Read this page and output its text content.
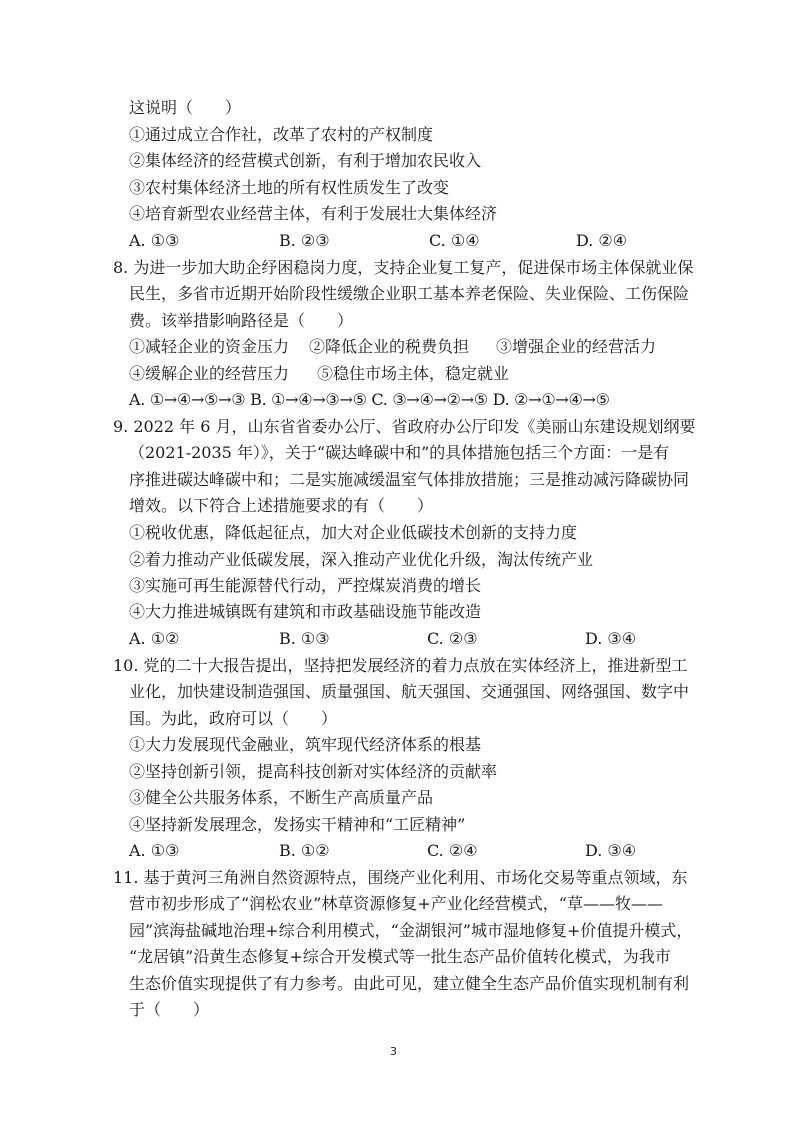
这说明（　　）
①通过成立合作社，改革了农村的产权制度
②集体经济的经营模式创新，有利于增加农民收入
③农村集体经济土地的所有权性质发生了改变
④培育新型农业经营主体，有利于发展壮大集体经济
A. ①③	B. ②③	C. ①④	D. ②④
8. 为进一步加大助企纾困稳岗力度，支持企业复工复产，促进保市场主体保就业保
民生，多省市近期开始阶段性缓缴企业职工基本养老保险、失业保险、工伤保险
费。该举措影响路径是（　　）
①减轻企业的资金压力 ②降低企业的税费负担 ③增强企业的经营活力
④缓解企业的经营压力 ⑤稳住市场主体，稳定就业
A. ①→④→⑤→③ B. ①→④→③→⑤ C. ③→④→②→⑤ D. ②→①→④→⑤
9. 2022 年 6 月，山东省省委办公厅、省政府办公厅印发《美丽山东建设规划纲要
（2021-2035 年）》，关于“碳达峰碳中和”的具体措施包括三个方面：一是有
序推进碳达峰碳中和；二是实施减缓温室气体排放措施；三是推动减污降碳协同
增效。以下符合上述措施要求的有（　　）
①税收优惠，降低起征点，加大对企业低碳技术创新的支持力度
②着力推动产业低碳发展，深入推动产业优化升级，淘汰传统产业
③实施可再生能源替代行动，严控煤炭消费的增长
④大力推进城镇既有建筑和市政基础设施节能改造
A. ①②	B. ①③	C. ②③	D. ③④
10. 党的二十大报告提出，坚持把发展经济的着力点放在实体经济上，推进新型工
业化，加快建设制造强国、质量强国、航天强国、交通强国、网络强国、数字中
国。为此，政府可以（　　）
①大力发展现代金融业，筑牢现代经济体系的根基
②坚持创新引领，提高科技创新对实体经济的贡献率
③健全公共服务体系，不断生产高质量产品
④坚持新发展理念，发扬实干精神和“工匠精神”
A. ①③	B. ①②	C. ②④	D. ③④
11. 基于黄河三角洲自然资源特点，围绕产业化利用、市场化交易等重点领域，东
营市初步形成了“润松农业”林草资源修复+产业化经营模式，“草——牧——
园”滨海盐碱地治理+综合利用模式，“金湖银河”城市湿地修复+价值提升模式，
“龙居镇”沿黄生态修复+综合开发模式等一批生态产品价值转化模式，为我市
生态价值实现提供了有力参考。由此可见，建立健全生态产品价值实现机制有利
于（　　）
3
